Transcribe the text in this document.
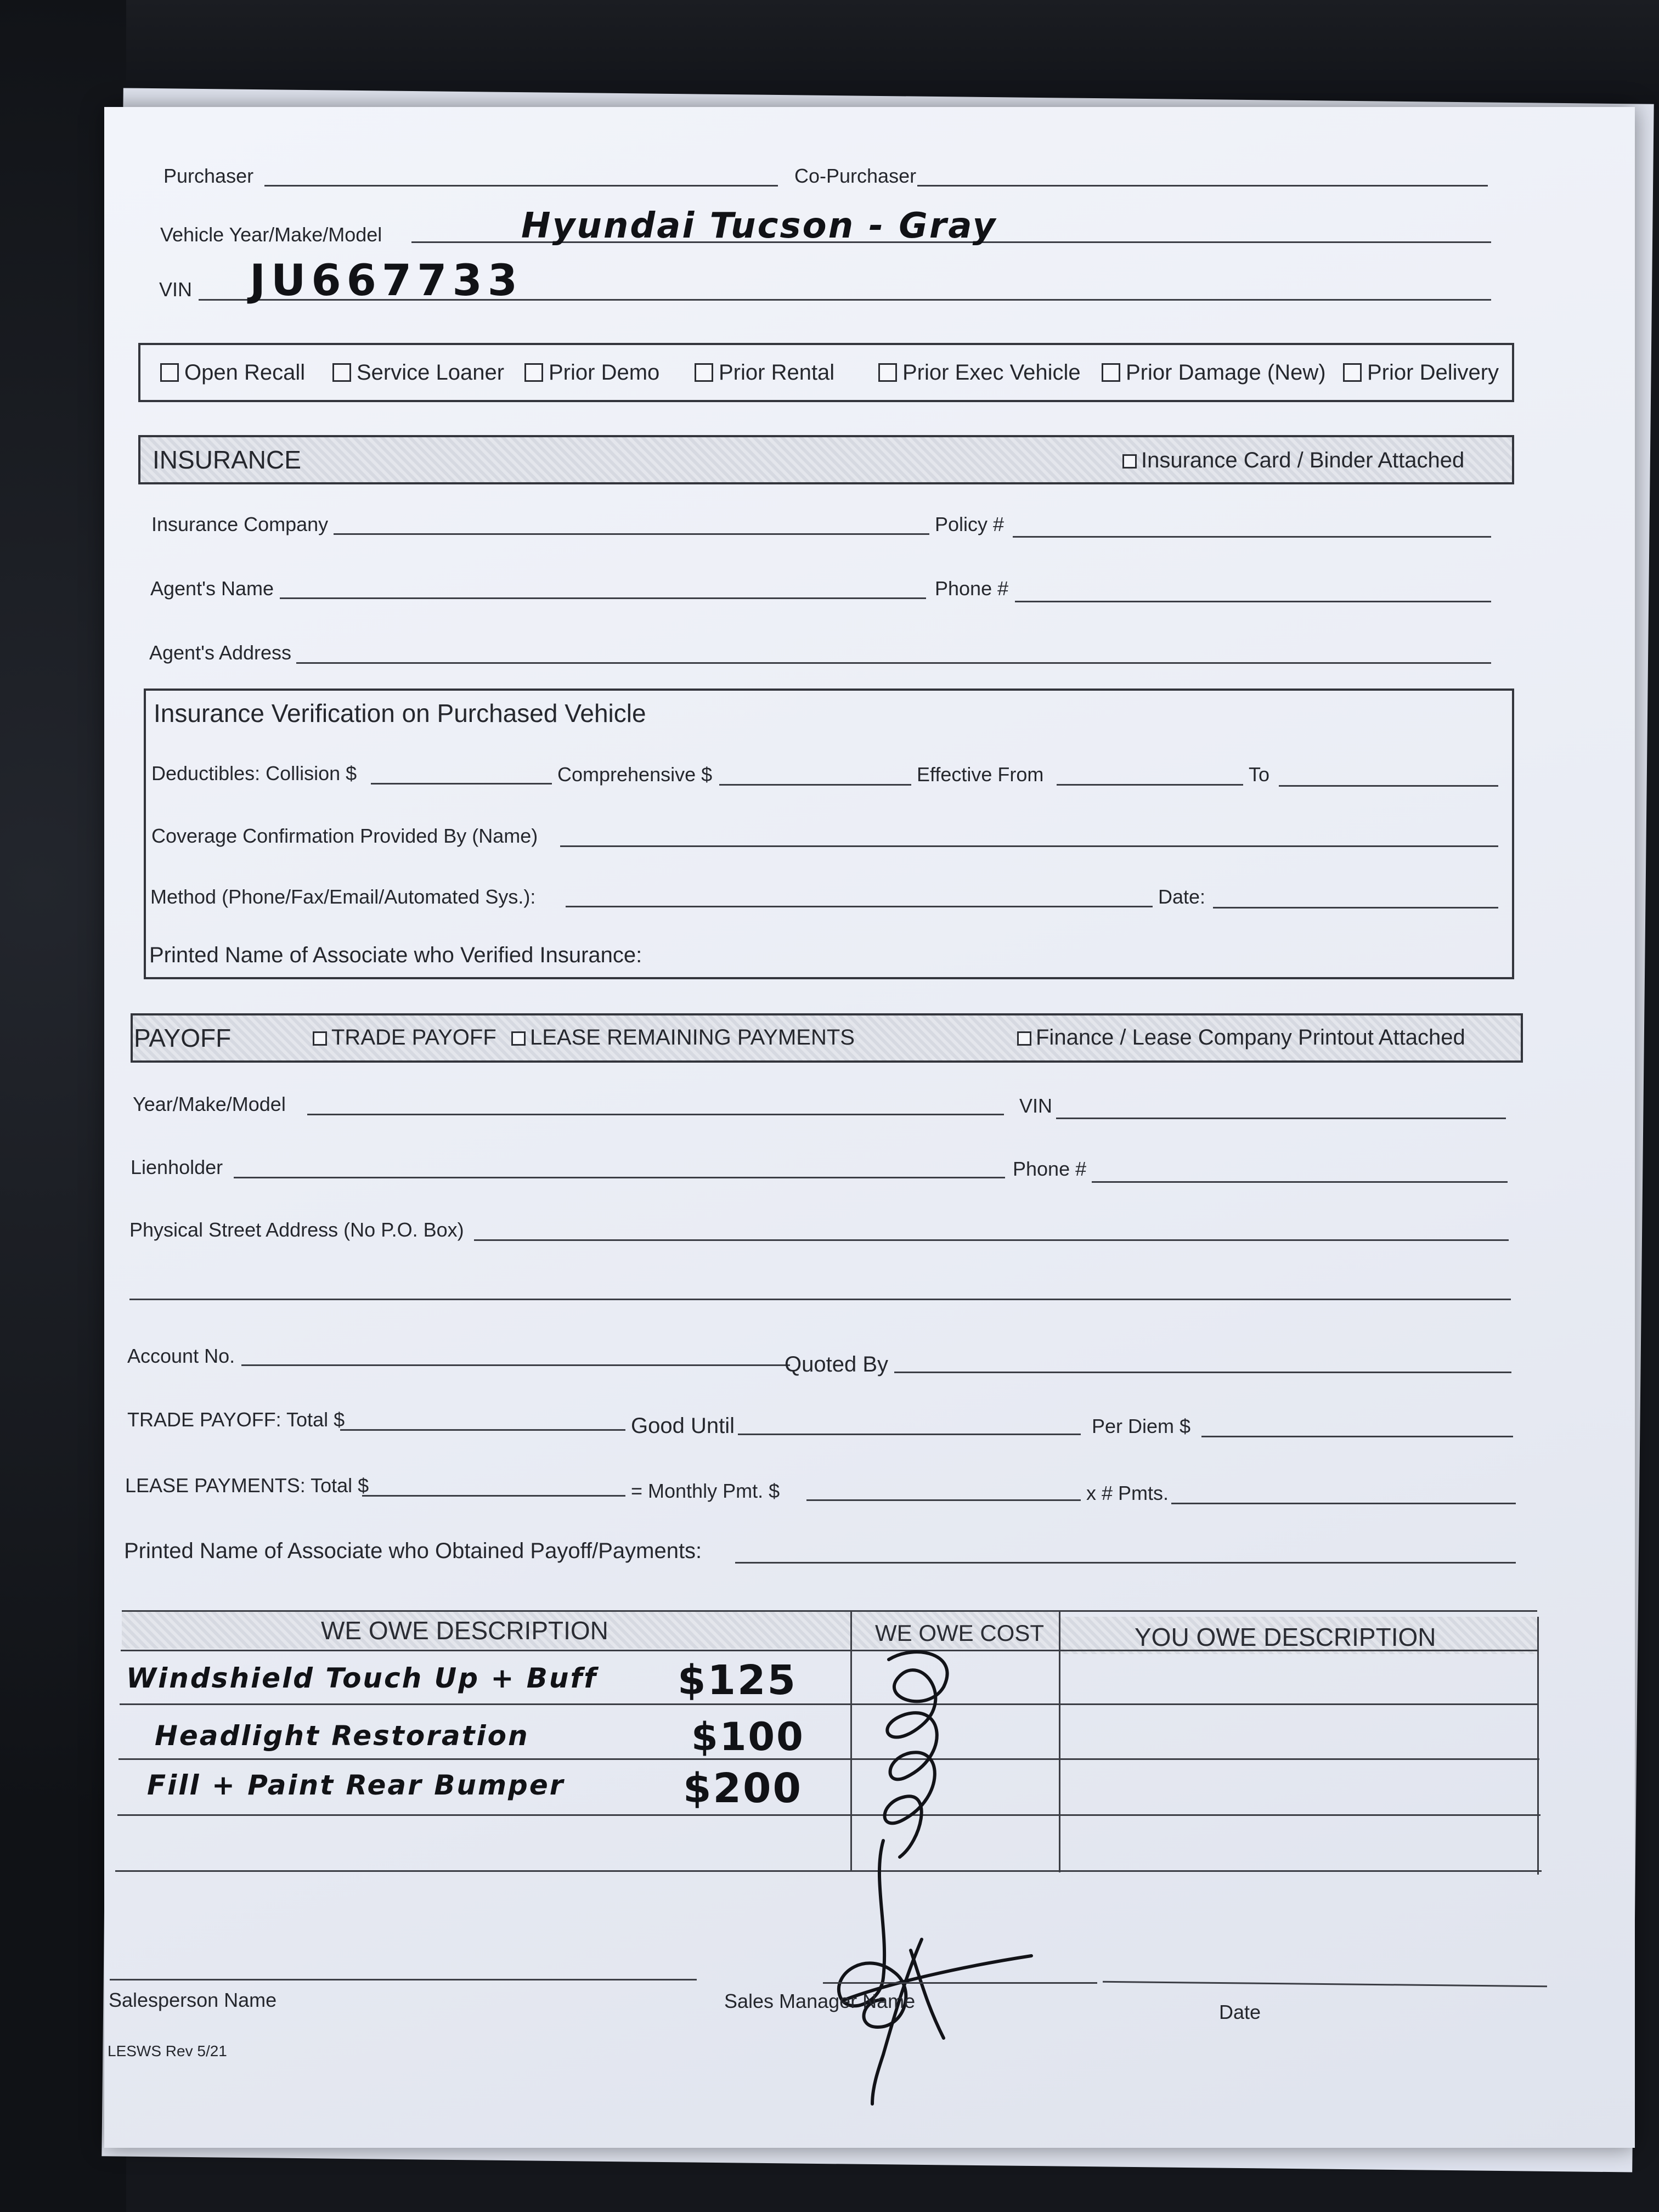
Purchaser	Co-Purchaser
Vehicle Year/Make/Model	Hyundai Tucson - Gray
VIN JU667733
Open Recall	Service Loaner	Prior Demo	Prior Rental	Prior Exec Vehicle	Prior Damage (New)	Prior Delivery
INSURANCE	Insurance Card / Binder Attached
Insurance Company	Policy #
Agent's Name	Phone #
Agent's Address
Insurance Verification on Purchased Vehicle
Deductibles: Collision $	Comprehensive $	Effective From	To
Coverage Confirmation Provided By (Name)
Method (Phone/Fax/Email/Automated Sys.):	Date:
Printed Name of Associate who Verified Insurance:
PAYOFF	TRADE PAYOFF	LEASE REMAINING PAYMENTS	Finance / Lease Company Printout Attached
Year/Make/Model	VIN
Lienholder	Phone #
Physical Street Address (No P.O. Box)
Account No.	Quoted By
TRADE PAYOFF: Total $	Good Until	Per Diem $
LEASE PAYMENTS: Total $	= Monthly Pmt. $	x # Pmts.
Printed Name of Associate who Obtained Payoff/Payments:
WE OWE DESCRIPTION	WE OWE COST	YOU OWE DESCRIPTION
Windshield Touch Up + Buff $125
Headlight Restoration	$100
Fill + Paint Rear Bumper	$200
Salesperson Name	Sales Manager Name	Date
LESWS Rev 5/21
